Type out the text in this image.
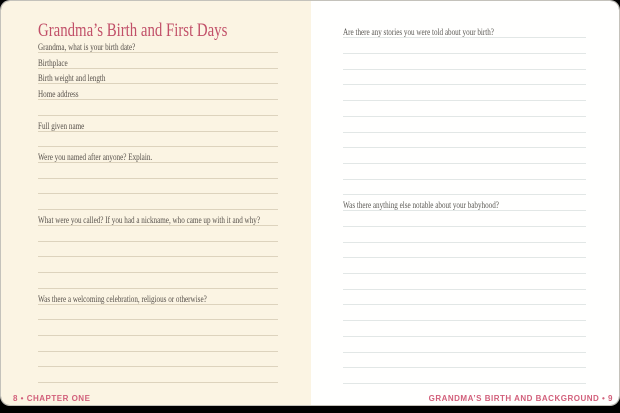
Grandma’s Birth and First Days
Grandma, what is your birth date?
Birthplace
Birth weight and length
Home address
Full given name
Were you named after anyone? Explain.
What were you called? If you had a nickname, who came up with it and why?
Was there a welcoming celebration, religious or otherwise?
8 • CHAPTER ONE
Are there any stories you were told about your birth?
Was there anything else notable about your babyhood?
GRANDMA’S BIRTH AND BACKGROUND • 9
